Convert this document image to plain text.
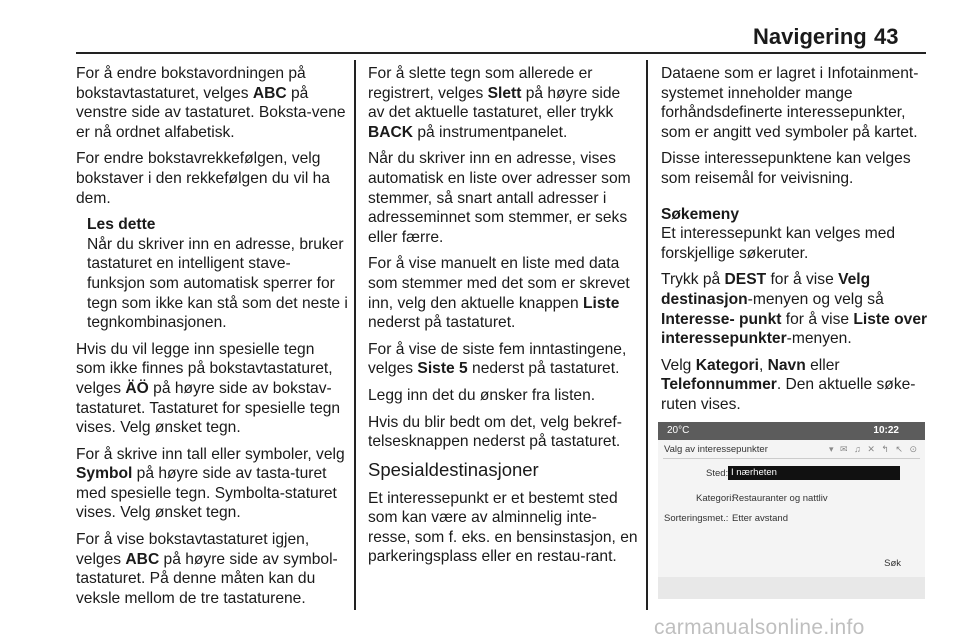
Navigering 43

For å endre bokstavordningen på bokstavtastaturet, velges ABC på venstre side av tastaturet. Boksta-vene er nå ordnet alfabetisk.

For endre bokstavrekkefølgen, velg bokstaver i den rekkefølgen du vil ha dem.

Les dette
Når du skriver inn en adresse, bruker tastaturet en intelligent stave-funksjon som automatisk sperrer for tegn som ikke kan stå som det neste i tegnkombinasjonen.

Hvis du vil legge inn spesielle tegn som ikke finnes på bokstavtastaturet, velges ÄÖ på høyre side av bokstav-tastaturet. Tastaturet for spesielle tegn vises. Velg ønsket tegn.

For å skrive inn tall eller symboler, velg Symbol på høyre side av tasta-turet med spesielle tegn. Symbolta-staturet vises. Velg ønsket tegn.

For å vise bokstavtastaturet igjen, velges ABC på høyre side av symbol-tastaturet. På denne måten kan du veksle mellom de tre tastaturene.

For å slette tegn som allerede er registrert, velges Slett på høyre side av det aktuelle tastaturet, eller trykk BACK på instrumentpanelet.

Når du skriver inn en adresse, vises automatisk en liste over adresser som stemmer, så snart antall adresser i adresseminnet som stemmer, er seks eller færre.

For å vise manuelt en liste med data som stemmer med det som er skrevet inn, velg den aktuelle knappen Liste nederst på tastaturet.

For å vise de siste fem inntastingene, velges Siste 5 nederst på tastaturet.

Legg inn det du ønsker fra listen.

Hvis du blir bedt om det, velg bekref-telsesknappen nederst på tastaturet.

Spesialdestinasjoner

Et interessepunkt er et bestemt sted som kan være av alminnelig inte-resse, som f. eks. en bensinstasjon, en parkeringsplass eller en restau-rant.

Dataene som er lagret i Infotainment-systemet inneholder mange forhåndsdefinerte interessepunkter, som er angitt ved symboler på kartet.

Disse interessepunktene kan velges som reisemål for veivisning.

Søkemeny

Et interessepunkt kan velges med forskjellige søkeruter.

Trykk på DEST for å vise Velg destinasjon-menyen og velg så Interesse- punkt for å vise Liste over interessepunkter-menyen.

Velg Kategori, Navn eller Telefonnummer. Den aktuelle søke-ruten vises.

20°C	10:22
Valg av interessepunkter	▾ ✉ ♫ ✕ ↰ ↖ ⊙
Sted: I nærheten
Kategori:
Restauranter og nattliv
Sorteringsmet.: Etter avstand
Søk
carmanualsonline.info
